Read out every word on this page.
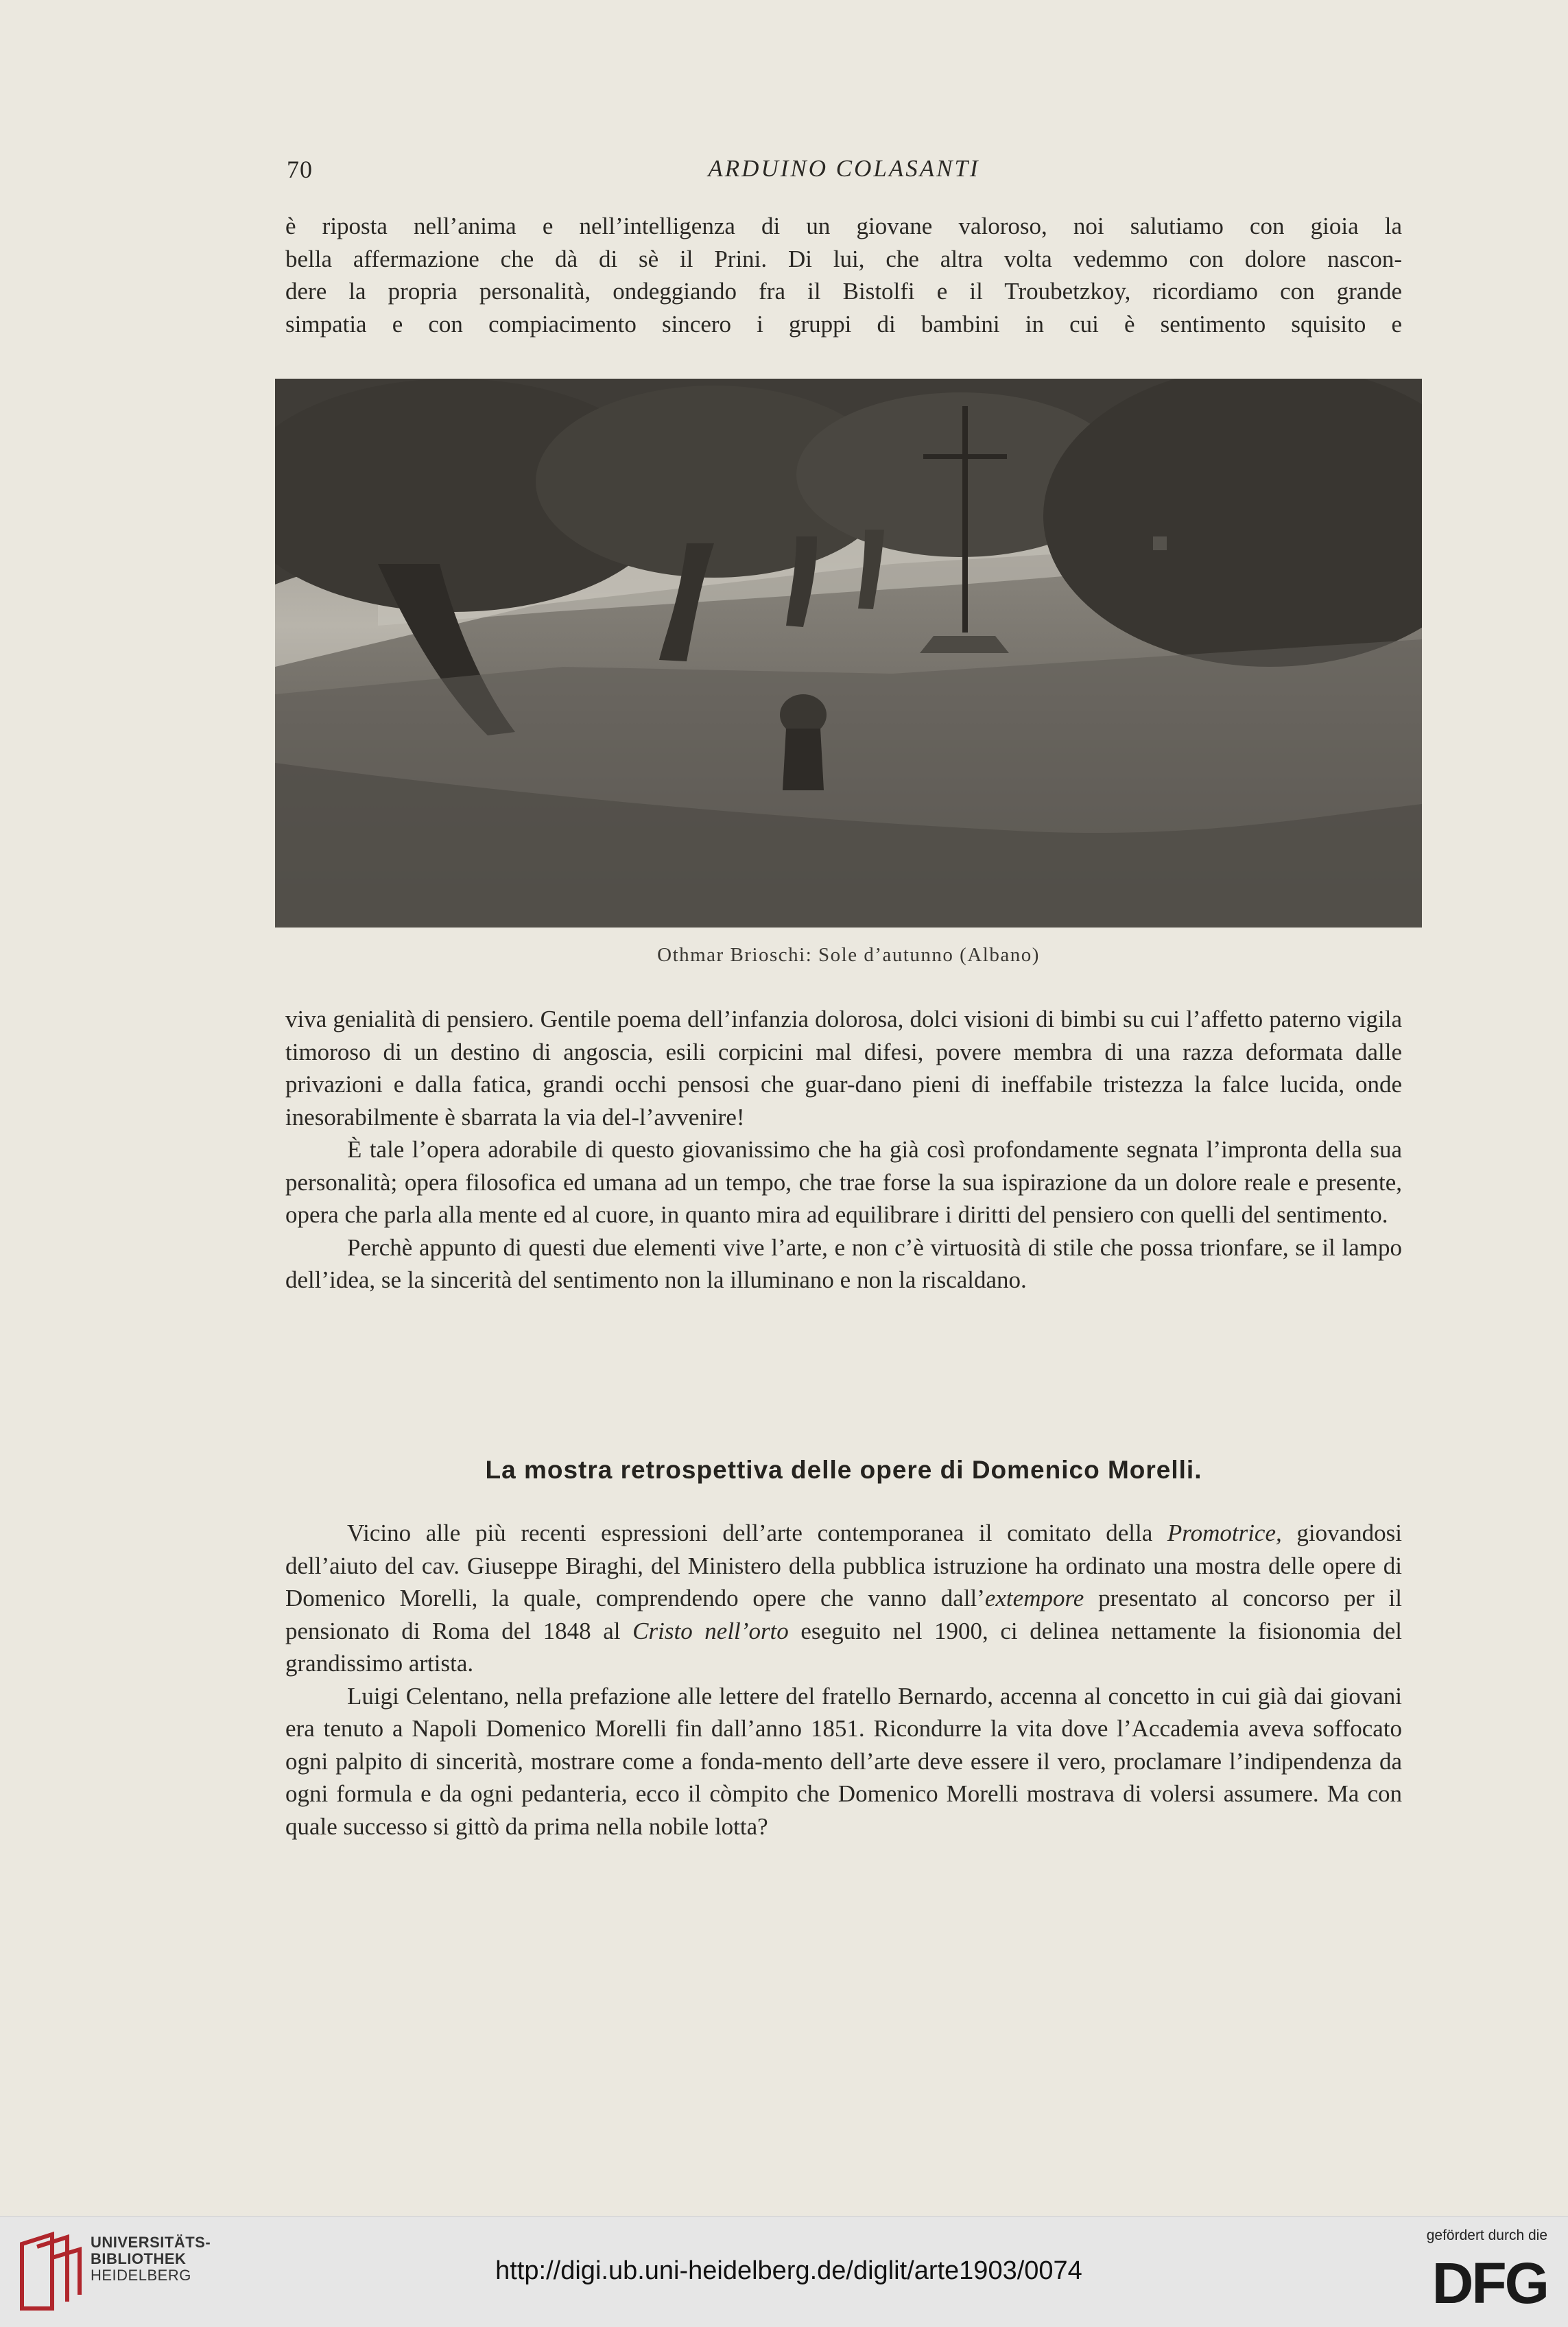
70	ARDUINO COLASANTI
è riposta nell’anima e nell’intelligenza di un giovane valoroso, noi salutiamo con gioia la
bella affermazione che dà di sè il Prini. Di lui, che altra volta vedemmo con dolore nascon-
dere la propria personalità, ondeggiando fra il Bistolfi e il Troubetzkoy, ricordiamo con grande
simpatia e con compiacimento sincero i gruppi di bambini in cui è sentimento squisito e
Othmar Brioschi: Sole d’autunno (Albano)

viva genialità di pensiero. Gentile poema dell’infanzia dolorosa, dolci visioni di bimbi su cui l’affetto paterno vigila timoroso di un destino di angoscia, esili corpicini mal difesi, povere membra di una razza deformata dalle privazioni e dalla fatica, grandi occhi pensosi che guar-dano pieni di ineffabile tristezza la falce lucida, onde inesorabilmente è sbarrata la via del-l’avvenire!

È tale l’opera adorabile di questo giovanissimo che ha già così profondamente segnata l’impronta della sua personalità; opera filosofica ed umana ad un tempo, che trae forse la sua ispirazione da un dolore reale e presente, opera che parla alla mente ed al cuore, in quanto mira ad equilibrare i diritti del pensiero con quelli del sentimento.

Perchè appunto di questi due elementi vive l’arte, e non c’è virtuosità di stile che possa trionfare, se il lampo dell’idea, se la sincerità del sentimento non la illuminano e non la riscaldano.

La mostra retrospettiva delle opere di Domenico Morelli.

Vicino alle più recenti espressioni dell’arte contemporanea il comitato della Promotrice, giovandosi dell’aiuto del cav. Giuseppe Biraghi, del Ministero della pubblica istruzione ha ordinato una mostra delle opere di Domenico Morelli, la quale, comprendendo opere che vanno dall’extempore presentato al concorso per il pensionato di Roma del 1848 al Cristo nell’orto eseguito nel 1900, ci delinea nettamente la fisionomia del grandissimo artista.

Luigi Celentano, nella prefazione alle lettere del fratello Bernardo, accenna al concetto in cui già dai giovani era tenuto a Napoli Domenico Morelli fin dall’anno 1851. Ricondurre la vita dove l’Accademia aveva soffocato ogni palpito di sincerità, mostrare come a fonda-mento dell’arte deve essere il vero, proclamare l’indipendenza da ogni formula e da ogni pedanteria, ecco il còmpito che Domenico Morelli mostrava di volersi assumere. Ma con quale successo si gittò da prima nella nobile lotta?

UNIVERSITÄTS-
BIBLIOTHEK
HEIDELBERG	http://digi.ub.uni-heidelberg.de/diglit/arte1903/0074
gefördert durch die
DFG
